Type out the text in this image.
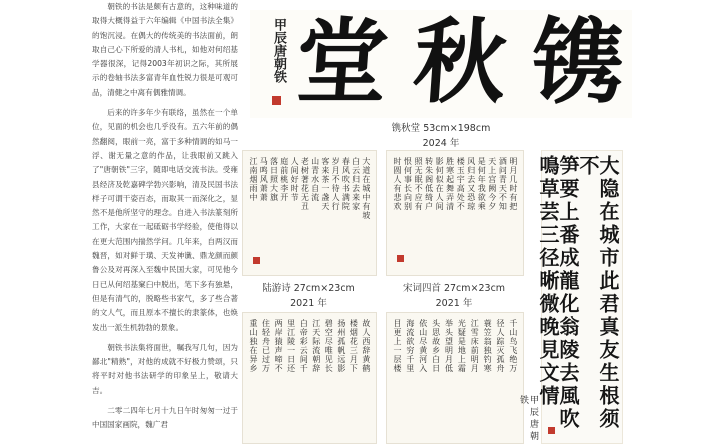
朝铁的书法是颇有古意的，这种味道的取得大概得益于六年编辑《中国书法全集》的饱沉浸。在偶大的传统美的书法面前，朗取自己心下所爱的清人书札，如他对何绍基学器很深，记得2003年初识之际，其所展示的卷轴书法多富青年血性锐力很是可观可品，清健之中离有偶雅情调。

后来的许多年少有联络，虽然在一个单位，见面的机会也几乎没有。五六年前的偶然翻阅，眼前一亮，富于多种情调的如马一浮、谢无量之意的作品，让我眼前又跳入了"唐朝铁"三字，随即电话交流书法。受雍县经济及乾嘉碑学勃兴影响，清及民国书法样子可谓干姿百态，而取其一而深化之，显然不是他所坚守的理念。自进入书法篆刻所工作，大家在一起砥砺书学经验，使他得以在更大范围内揣然学问。几年来，自两汉而魏晋，如对鲜于璜、天发神谶、鼎龙颜而颜鲁公及对再深入至魏中民国大家，可见他今日已从何绍基窠臼中脱出，笔下多有独悬，但是有清气的，脱略些书家气，多了些合著的文人气，而且原本不擅长的隶篆体，也焕发出一派生机勃勃的景象。

朝铁书法集将面世，嘱我写几句，因为鄙北"精熟"，对他的成就不好极力赞颂，只将平时对他书法研学的印象呈上，敬请大吉。

二零二四年七月十九日午时匆匆一过于中国国家画院，魏广君

甲辰唐朝铁 堂 秋 镌
镌秋堂 53cm×198cm
2024 年
大道在城中有坡
白云归去来家
春风吹书满院
岁月不待人行
客来茶一盏天
山青水自流
老树著花无丑
人间好时节
庭前桃李开
落日照大旗
马鸣风萧萧
江南烟雨中
陆游诗 27cm×23cm
2021 年
明月几时有把
酒问青天不知
天上宫阙今夕
是何年我欲乘
风归去又恐琼
楼玉宇高处不
胜寒起舞弄清
影何似在人间
转朱阁低绮户
照无眠不应有
恨何事长向别
时圆人有悲欢
宋词四首 27cm×23cm
2021 年
故人西辞黄鹤
楼烟花三月下
扬州孤帆远影
碧空尽唯见长
江天际流朝辞
白帝彩云间千
里江陵一日还
两岸猿声啼不
住轻舟已过万
重山独在异乡	千山鸟飞绝万
径人踪灭孤舟
蓑笠翁独钓寒
江雪床前明月
光疑是地上霜
举头望明月低
头思故乡白日
依山尽黄河入
海流欲穷千里
目更上一层楼	大隐在城市此君真友生根须不
笋要上番成龍化翁陵去風吹
鳴草芸三径晰微晚見文情
甲辰唐朝铁
